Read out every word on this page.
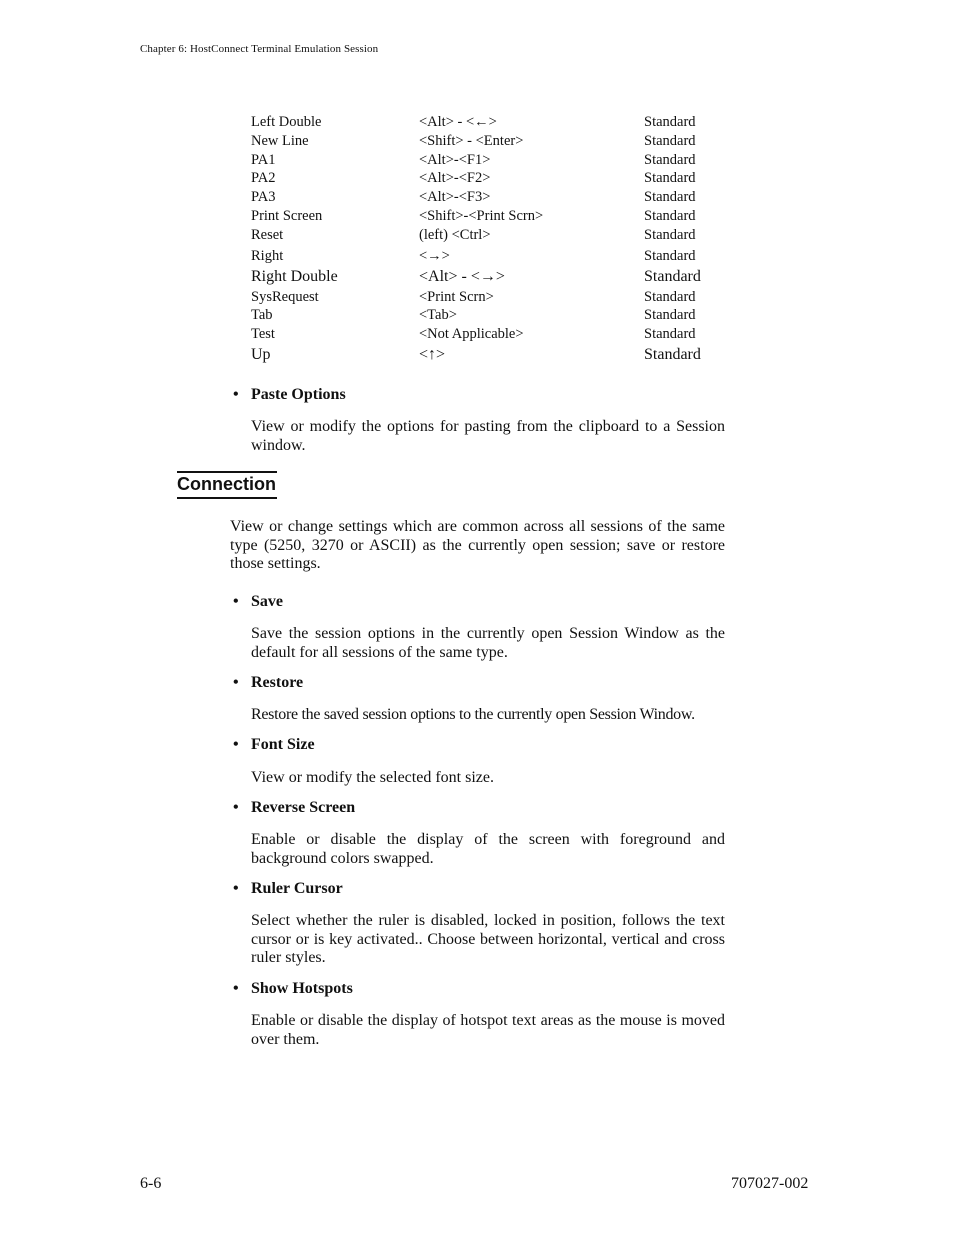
Chapter 6: HostConnect Terminal Emulation Session
Left Double	<Alt> - <←>	Standard
New Line	<Shift> - <Enter>	Standard
PA1	<Alt>-<F1>	Standard
PA2	<Alt>-<F2>	Standard
PA3	<Alt>-<F3>	Standard
Print Screen	<Shift>-<Print Scrn>	Standard
Reset	(left) <Ctrl>	Standard
Right	<→>	Standard
Right Double	<Alt> - <→>	Standard
SysRequest	<Print Scrn>	Standard
Tab	<Tab>	Standard
Test	<Not Applicable>	Standard
Up	<↑>	Standard
• Paste Options
View or modify the options for pasting from the clipboard to a Session window.
Connection
View or change settings which are common across all sessions of the same type (5250, 3270 or ASCII) as the currently open session; save or restore those settings.
• Save
Save the session options in the currently open Session Window as the default for all sessions of the same type.
• Restore
Restore the saved session options to the currently open Session Window.
• Font Size
View or modify the selected font size.
• Reverse Screen
Enable or disable the display of the screen with foreground and background colors swapped.
• Ruler Cursor
Select whether the ruler is disabled, locked in position, follows the text cursor or is key activated.. Choose between horizontal, vertical and cross ruler styles.
• Show Hotspots
Enable or disable the display of hotspot text areas as the mouse is moved over them.
6-6	707027-002
